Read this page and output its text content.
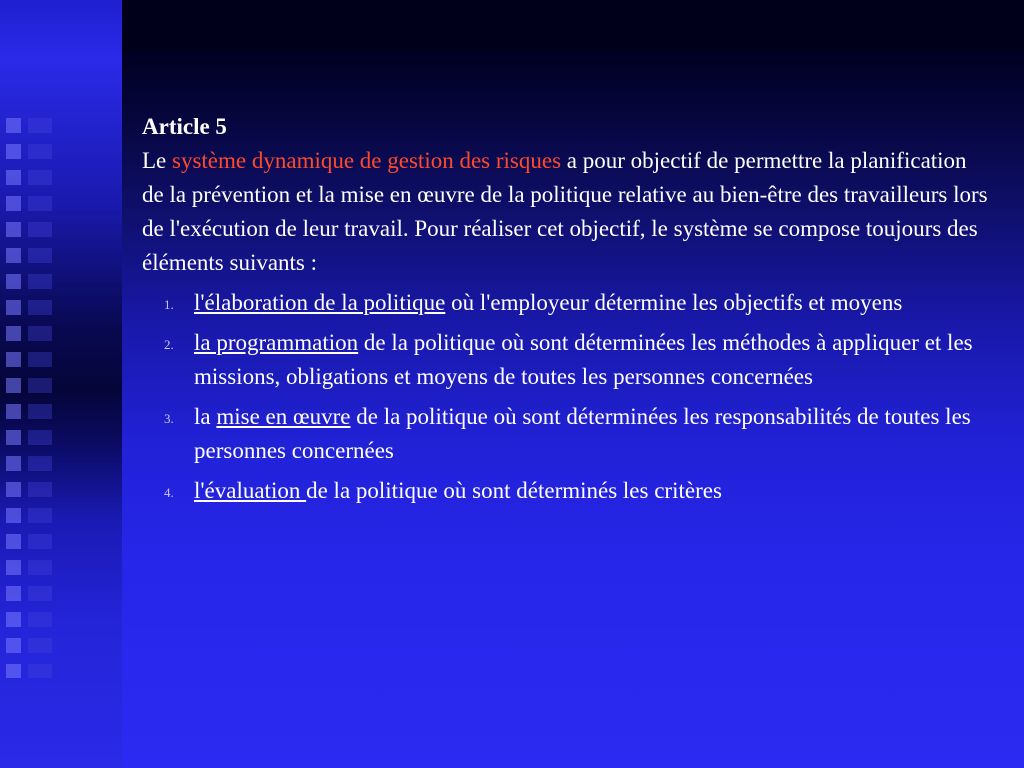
Article 5

Le système dynamique de gestion des risques a pour objectif de permettre la planification de la prévention et la mise en œuvre de la politique relative au bien-être des travailleurs lors de l'exécution de leur travail. Pour réaliser cet objectif, le système se compose toujours des éléments suivants :

1. l'élaboration de la politique où l'employeur détermine les objectifs et moyens
2. la programmation de la politique où sont déterminées les méthodes à appliquer et les missions, obligations et moyens de toutes les personnes concernées
3. la mise en œuvre de la politique où sont déterminées les responsabilités de toutes les personnes concernées
4. l'évaluation de la politique où sont déterminés les critères
